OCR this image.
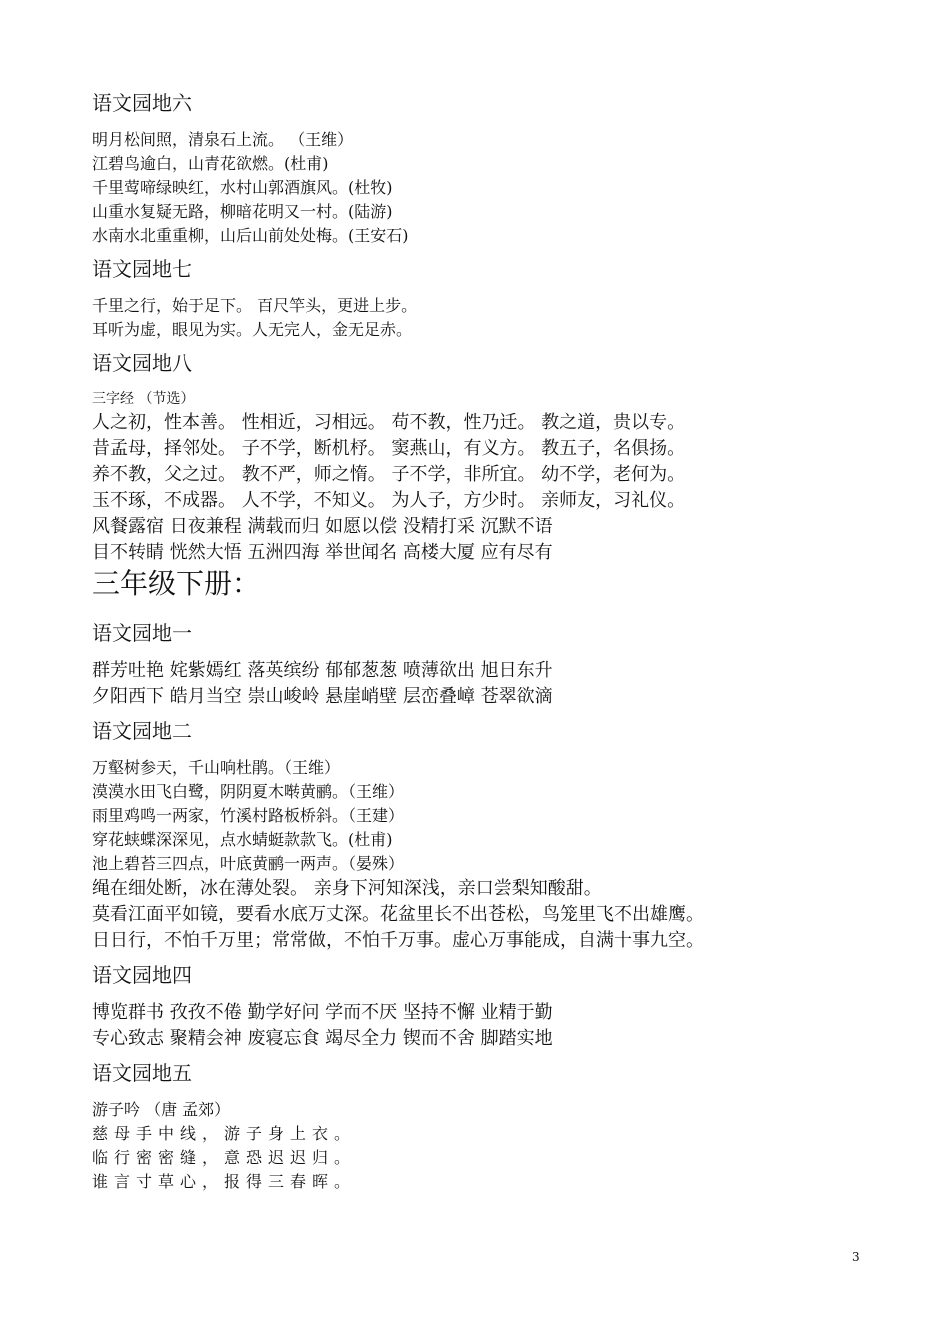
语文园地六
明月松间照，清泉石上流。 （王维）
江碧鸟逾白，山青花欲燃。(杜甫)
千里莺啼绿映红，水村山郭酒旗风。(杜牧)
山重水复疑无路，柳暗花明又一村。(陆游)
水南水北重重柳，山后山前处处梅。(王安石)
语文园地七
千里之行，始于足下。 百尺竿头，更进上步。
耳听为虚，眼见为实。人无完人，金无足赤。
语文园地八
三字经 （节选）
人之初，性本善。 性相近，习相远。 苟不教，性乃迁。 教之道，贵以专。
昔孟母，择邻处。 子不学，断机杼。 窦燕山，有义方。 教五子，名俱扬。
养不教，父之过。 教不严，师之惰。 子不学，非所宜。 幼不学，老何为。
玉不琢，不成器。 人不学，不知义。 为人子，方少时。 亲师友，习礼仪。
风餐露宿 日夜兼程 满载而归 如愿以偿 没精打采 沉默不语
目不转睛 恍然大悟 五洲四海 举世闻名 高楼大厦 应有尽有
三年级下册：
语文园地一
群芳吐艳 姹紫嫣红 落英缤纷 郁郁葱葱 喷薄欲出 旭日东升
夕阳西下 皓月当空 崇山峻岭 悬崖峭壁 层峦叠嶂 苍翠欲滴
语文园地二
万壑树参天，千山响杜鹃。（王维）
漠漠水田飞白鹭，阴阴夏木啭黄鹂。（王维）
雨里鸡鸣一两家，竹溪村路板桥斜。（王建）
穿花蛱蝶深深见，点水蜻蜓款款飞。(杜甫)
池上碧苔三四点，叶底黄鹂一两声。（晏殊）
绳在细处断，冰在薄处裂。 亲身下河知深浅，亲口尝梨知酸甜。
莫看江面平如镜，要看水底万丈深。花盆里长不出苍松，鸟笼里飞不出雄鹰。
日日行，不怕千万里；常常做，不怕千万事。虚心万事能成，自满十事九空。
语文园地四
博览群书 孜孜不倦 勤学好问 学而不厌 坚持不懈 业精于勤
专心致志 聚精会神 废寝忘食 竭尽全力 锲而不舍 脚踏实地
语文园地五
游子吟 （唐 孟郊）
慈母手中线，游子身上衣。
临行密密缝，意恐迟迟归。
谁言寸草心，报得三春晖。
3
